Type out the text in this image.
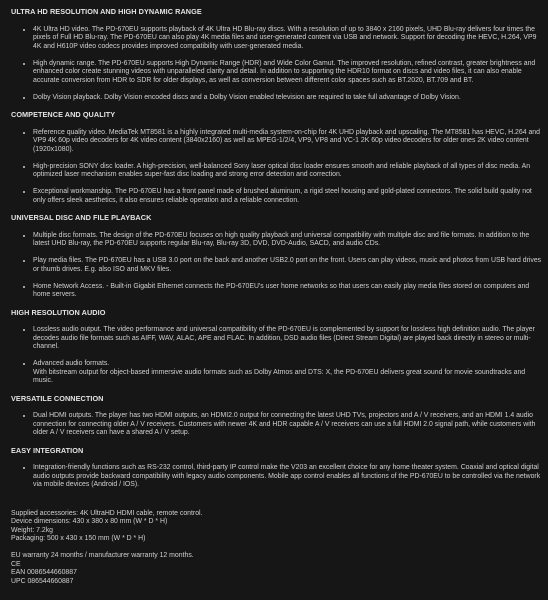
ULTRA HD RESOLUTION AND HIGH DYNAMIC RANGE
• 4K Ultra HD video. The PD-670EU supports playback of 4K Ultra HD Blu-ray discs. With a resolution of up to 3840 x 2160 pixels, UHD Blu-ray delivers four times the pixels of Full HD Blu-ray. The PD-670EU can also play 4K media files and user-generated content via USB and network. Support for decoding the HEVC, H.264, VP9 4K and H610P video codecs provides improved compatibility with user-generated media.
• High dynamic range. The PD-670EU supports High Dynamic Range (HDR) and Wide Color Gamut. The improved resolution, refined contrast, greater brightness and enhanced color create stunning videos with unparalleled clarity and detail. In addition to supporting the HDR10 format on discs and video files, it can also enable accurate conversion from HDR to SDR for older displays, as well as conversion between different color spaces such as BT.2020, BT.709 and BT.
• Dolby Vision playback. Dolby Vision encoded discs and a Dolby Vision enabled television are required to take full advantage of Dolby Vision.
COMPETENCE AND QUALITY
• Reference quality video. MediaTek MT8581 is a highly integrated multi-media system-on-chip for 4K UHD playback and upscaling. The MT8581 has HEVC, H.264 and VP9 4K 60p video decoders for 4K video content (3840x2160) as well as MPEG-1/2/4, VP9, VP8 and VC-1 2K 60p video decoders for older ones 2K video content (1920x1080).
• High-precision SONY disc loader. A high-precision, well-balanced Sony laser optical disc loader ensures smooth and reliable playback of all types of disc media. An optimized laser mechanism enables super-fast disc loading and strong error detection and correction.
• Exceptional workmanship. The PD-670EU has a front panel made of brushed aluminum, a rigid steel housing and gold-plated connectors. The solid build quality not only offers sleek aesthetics, it also ensures reliable operation and a reliable connection.
UNIVERSAL DISC AND FILE PLAYBACK
• Multiple disc formats. The design of the PD-670EU focuses on high quality playback and universal compatibility with multiple disc and file formats. In addition to the latest UHD Blu-ray, the PD-670EU supports regular Blu-ray, Blu-ray 3D, DVD, DVD-Audio, SACD, and audio CDs.
• Play media files. The PD-670EU has a USB 3.0 port on the back and another USB2.0 port on the front. Users can play videos, music and photos from USB hard drives or thumb drives. E.g. also ISO and MKV files.
• Home Network Access. - Built-in Gigabit Ethernet connects the PD-670EU's user home networks so that users can easily play media files stored on computers and home servers.
HIGH RESOLUTION AUDIO
• Lossless audio output. The video performance and universal compatibility of the PD-670EU is complemented by support for lossless high definition audio. The player decodes audio file formats such as AIFF, WAV, ALAC, APE and FLAC. In addition, DSD audio files (Direct Stream Digital) are played back directly in stereo or multi-channel.
• Advanced audio formats.
With bitstream output for object-based immersive audio formats such as Dolby Atmos and DTS: X, the PD-670EU delivers great sound for movie soundtracks and music.
VERSATILE CONNECTION
• Dual HDMI outputs. The player has two HDMI outputs, an HDMI2.0 output for connecting the latest UHD TVs, projectors and A / V receivers, and an HDMI 1.4 audio connection for connecting older A / V receivers. Customers with newer 4K and HDR capable A / V receivers can use a full HDMI 2.0 signal path, while customers with older A / V receivers can have a shared A / V setup.
EASY INTEGRATION
• Integration-friendly functions such as RS-232 control, third-party IP control make the V203 an excellent choice for any home theater system. Coaxial and optical digital audio outputs provide backward compatibility with legacy audio components. Mobile app control enables all functions of the PD-670EU to be controlled via the network via mobile devices (Android / IOS).
Supplied accessories: 4K UltraHD HDMI cable, remote control.
Device dimensions: 430 x 380 x 80 mm (W * D * H)
Weight: 7.2kg
Packaging: 500 x 430 x 150 mm (W * D * H)
EU warranty 24 months / manufacturer warranty 12 months.
CE
EAN 0086544660887
UPC 086544660887
